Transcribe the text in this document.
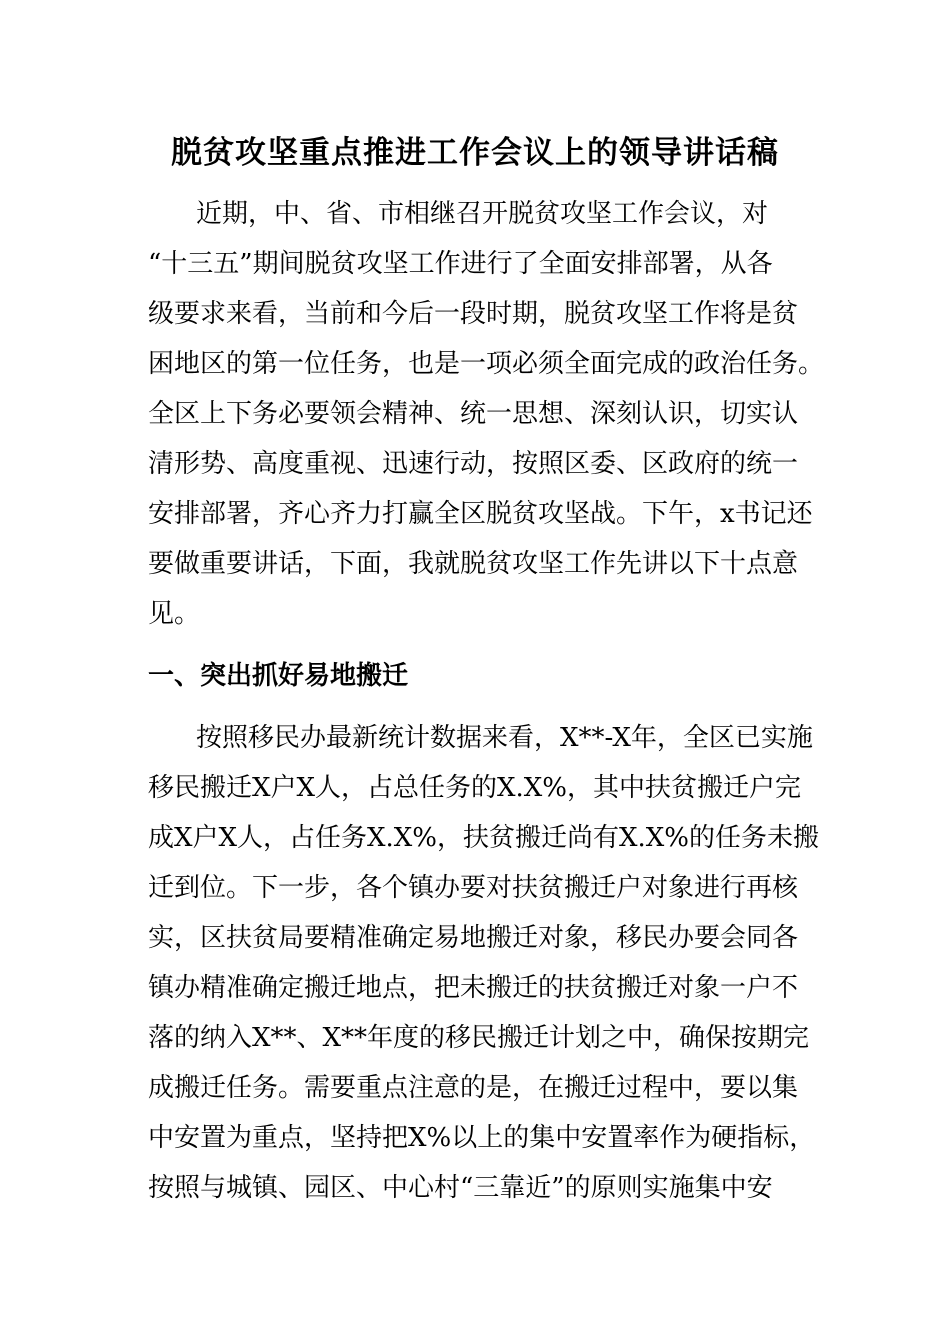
脱贫攻坚重点推进工作会议上的领导讲话稿

近期，中、省、市相继召开脱贫攻坚工作会议，对

“十三五”期间脱贫攻坚工作进行了全面安排部署，从各

级要求来看，当前和今后一段时期，脱贫攻坚工作将是贫

困地区的第一位任务，也是一项必须全面完成的政治任务。

全区上下务必要领会精神、统一思想、深刻认识，切实认

清形势、高度重视、迅速行动，按照区委、区政府的统一

安排部署，齐心齐力打赢全区脱贫攻坚战。下午，x书记还

要做重要讲话，下面，我就脱贫攻坚工作先讲以下十点意

见。

一、突出抓好易地搬迁

按照移民办最新统计数据来看，X**-X年，全区已实施

移民搬迁X户X人，占总任务的X.X%，其中扶贫搬迁户完

成X户X人，占任务X.X%，扶贫搬迁尚有X.X%的任务未搬

迁到位。下一步，各个镇办要对扶贫搬迁户对象进行再核

实，区扶贫局要精准确定易地搬迁对象，移民办要会同各

镇办精准确定搬迁地点，把未搬迁的扶贫搬迁对象一户不

落的纳入X**、X**年度的移民搬迁计划之中，确保按期完

成搬迁任务。需要重点注意的是，在搬迁过程中，要以集

中安置为重点，坚持把X%以上的集中安置率作为硬指标，

按照与城镇、园区、中心村“三靠近”的原则实施集中安
